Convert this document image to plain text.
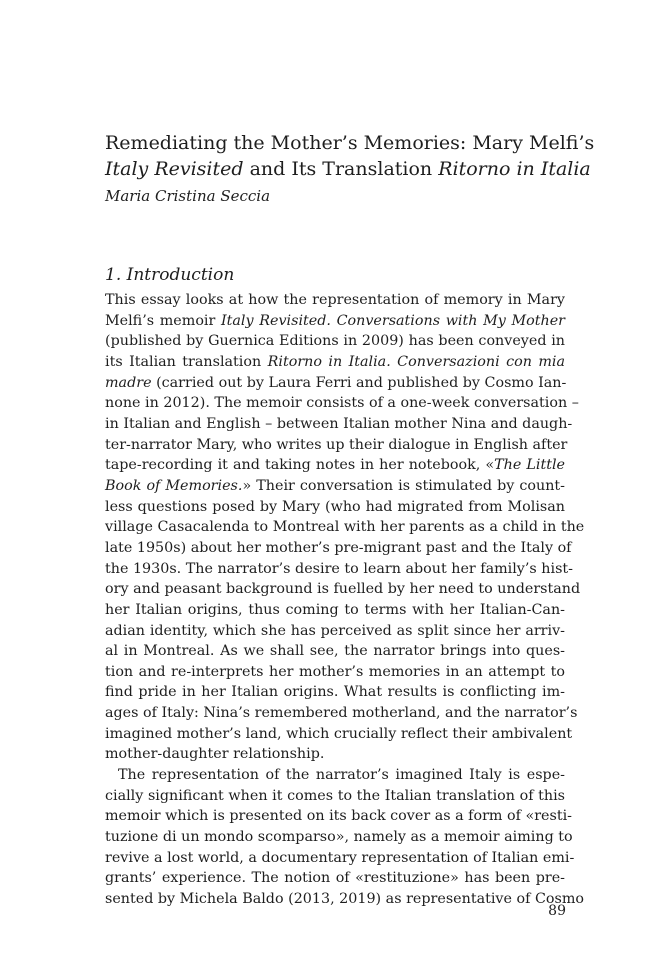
Remediating the Mother’s Memories: Mary Melfi’s
Italy Revisited and Its Translation Ritorno in Italia

Maria Cristina Seccia

1. Introduction
This essay looks at how the representation of memory in Mary
Melfi’s memoir Italy Revisited. Conversations with My Mother
(published by Guernica Editions in 2009) has been conveyed in
its Italian translation Ritorno in Italia. Conversazioni con mia
madre (carried out by Laura Ferri and published by Cosmo Ian-
none in 2012). The memoir consists of a one-week conversation –
in Italian and English – between Italian mother Nina and daugh-
ter-narrator Mary, who writes up their dialogue in English after
tape-recording it and taking notes in her notebook, «The Little
Book of Memories.» Their conversation is stimulated by count-
less questions posed by Mary (who had migrated from Molisan
village Casacalenda to Montreal with her parents as a child in the
late 1950s) about her mother’s pre-migrant past and the Italy of
the 1930s. The narrator’s desire to learn about her family’s hist-
ory and peasant background is fuelled by her need to understand
her Italian origins, thus coming to terms with her Italian-Can-
adian identity, which she has perceived as split since her arriv-
al in Montreal. As we shall see, the narrator brings into ques-
tion and re-interprets her mother’s memories in an attempt to
find pride in her Italian origins. What results is conflicting im-
ages of Italy: Nina’s remembered motherland, and the narrator’s
imagined mother’s land, which crucially reflect their ambivalent
mother-daughter relationship.
The representation of the narrator’s imagined Italy is espe-
cially significant when it comes to the Italian translation of this
memoir which is presented on its back cover as a form of «resti-
tuzione di un mondo scomparso», namely as a memoir aiming to
revive a lost world, a documentary representation of Italian emi-
grants’ experience. The notion of «restituzione» has been pre-
sented by Michela Baldo (2013, 2019) as representative of Cosmo
89
